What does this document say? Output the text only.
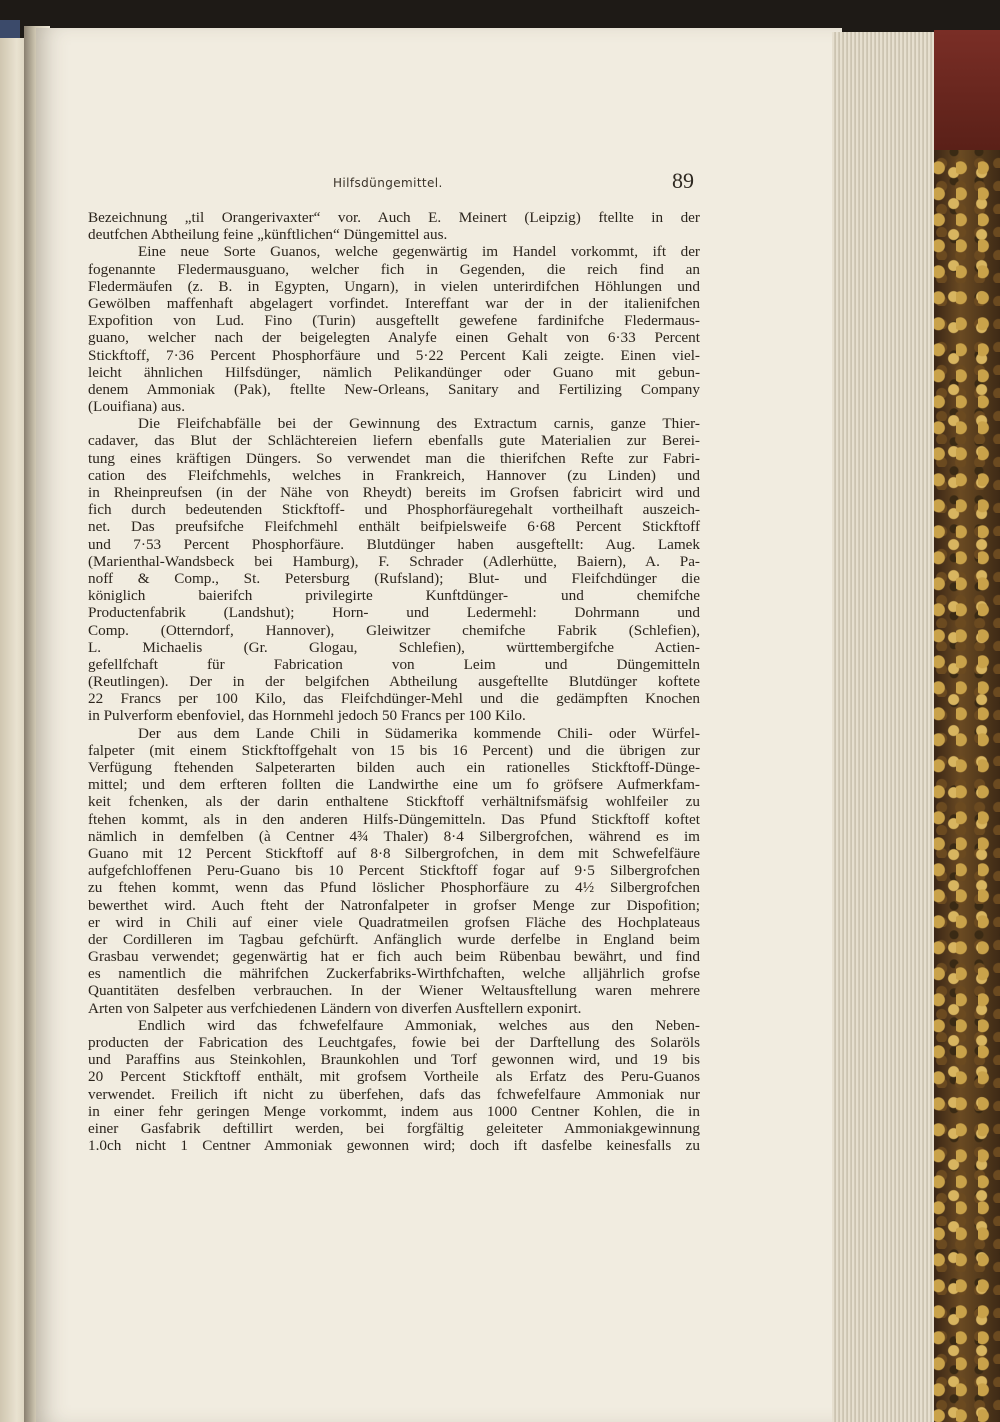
Hilfsdüngemittel.	89
Bezeichnung „til Orangerivaxter“ vor. Auch E. Meinert (Leipzig) ftellte in der
deutfchen Abtheilung feine „künftlichen“ Düngemittel aus.
Eine neue Sorte Guanos, welche gegenwärtig im Handel vorkommt, ift der
fogenannte Fledermausguano, welcher fich in Gegenden, die reich find an
Fledermäufen (z. B. in Egypten, Ungarn), in vielen unterirdifchen Höhlungen und
Gewölben maffenhaft abgelagert vorfindet. Intereffant war der in der italienifchen
Expofition von Lud. Fino (Turin) ausgeftellt gewefene fardinifche Fledermaus-
guano, welcher nach der beigelegten Analyfe einen Gehalt von 6·33 Percent
Stickftoff, 7·36 Percent Phosphorfäure und 5·22 Percent Kali zeigte. Einen viel-
leicht ähnlichen Hilfsdünger, nämlich Pelikandünger oder Guano mit gebun-
denem Ammoniak (Pak), ftellte New-Orleans, Sanitary and Fertilizing Company
(Louifiana) aus.
Die Fleifchabfälle bei der Gewinnung des Extractum carnis, ganze Thier-
cadaver, das Blut der Schlächtereien liefern ebenfalls gute Materialien zur Berei-
tung eines kräftigen Düngers. So verwendet man die thierifchen Refte zur Fabri-
cation des Fleifchmehls, welches in Frankreich, Hannover (zu Linden) und
in Rheinpreufsen (in der Nähe von Rheydt) bereits im Grofsen fabricirt wird und
fich durch bedeutenden Stickftoff- und Phosphorfäuregehalt vortheilhaft auszeich-
net. Das preufsifche Fleifchmehl enthält beifpielsweife 6·68 Percent Stickftoff
und 7·53 Percent Phosphorfäure. Blutdünger haben ausgeftellt: Aug. Lamek
(Marienthal-Wandsbeck bei Hamburg), F. Schrader (Adlerhütte, Baiern), A. Pa-
noff & Comp., St. Petersburg (Rufsland); Blut- und Fleifchdünger die
königlich baierifch privilegirte Kunftdünger- und chemifche
Productenfabrik (Landshut); Horn- und Ledermehl: Dohrmann und
Comp. (Otterndorf, Hannover), Gleiwitzer chemifche Fabrik (Schlefien),
L. Michaelis (Gr. Glogau, Schlefien), württembergifche Actien-
gefellfchaft für Fabrication von Leim und Düngemitteln
(Reutlingen). Der in der belgifchen Abtheilung ausgeftellte Blutdünger koftete
22 Francs per 100 Kilo, das Fleifchdünger-Mehl und die gedämpften Knochen
in Pulverform ebenfoviel, das Hornmehl jedoch 50 Francs per 100 Kilo.
Der aus dem Lande Chili in Südamerika kommende Chili- oder Würfel-
falpeter (mit einem Stickftoffgehalt von 15 bis 16 Percent) und die übrigen zur
Verfügung ftehenden Salpeterarten bilden auch ein rationelles Stickftoff-Dünge-
mittel; und dem erfteren follten die Landwirthe eine um fo gröfsere Aufmerkfam-
keit fchenken, als der darin enthaltene Stickftoff verhältnifsmäfsig wohlfeiler zu
ftehen kommt, als in den anderen Hilfs-Düngemitteln. Das Pfund Stickftoff koftet
nämlich in demfelben (à Centner 4¾ Thaler) 8·4 Silbergrofchen, während es im
Guano mit 12 Percent Stickftoff auf 8·8 Silbergrofchen, in dem mit Schwefelfäure
aufgefchloffenen Peru-Guano bis 10 Percent Stickftoff fogar auf 9·5 Silbergrofchen
zu ftehen kommt, wenn das Pfund löslicher Phosphorfäure zu 4½ Silbergrofchen
bewerthet wird. Auch fteht der Natronfalpeter in grofser Menge zur Dispofition;
er wird in Chili auf einer viele Quadratmeilen grofsen Fläche des Hochplateaus
der Cordilleren im Tagbau gefchürft. Anfänglich wurde derfelbe in England beim
Grasbau verwendet; gegenwärtig hat er fich auch beim Rübenbau bewährt, und find
es namentlich die mährifchen Zuckerfabriks-Wirthfchaften, welche alljährlich grofse
Quantitäten desfelben verbrauchen. In der Wiener Weltausftellung waren mehrere
Arten von Salpeter aus verfchiedenen Ländern von diverfen Ausftellern exponirt.
Endlich wird das fchwefelfaure Ammoniak, welches aus den Neben-
producten der Fabrication des Leuchtgafes, fowie bei der Darftellung des Solaröls
und Paraffins aus Steinkohlen, Braunkohlen und Torf gewonnen wird, und 19 bis
20 Percent Stickftoff enthält, mit grofsem Vortheile als Erfatz des Peru-Guanos
verwendet. Freilich ift nicht zu überfehen, dafs das fchwefelfaure Ammoniak nur
in einer fehr geringen Menge vorkommt, indem aus 1000 Centner Kohlen, die in
einer Gasfabrik deftillirt werden, bei forgfältig geleiteter Ammoniakgewinnung
1.0ch nicht 1 Centner Ammoniak gewonnen wird; doch ift dasfelbe keinesfalls zu
